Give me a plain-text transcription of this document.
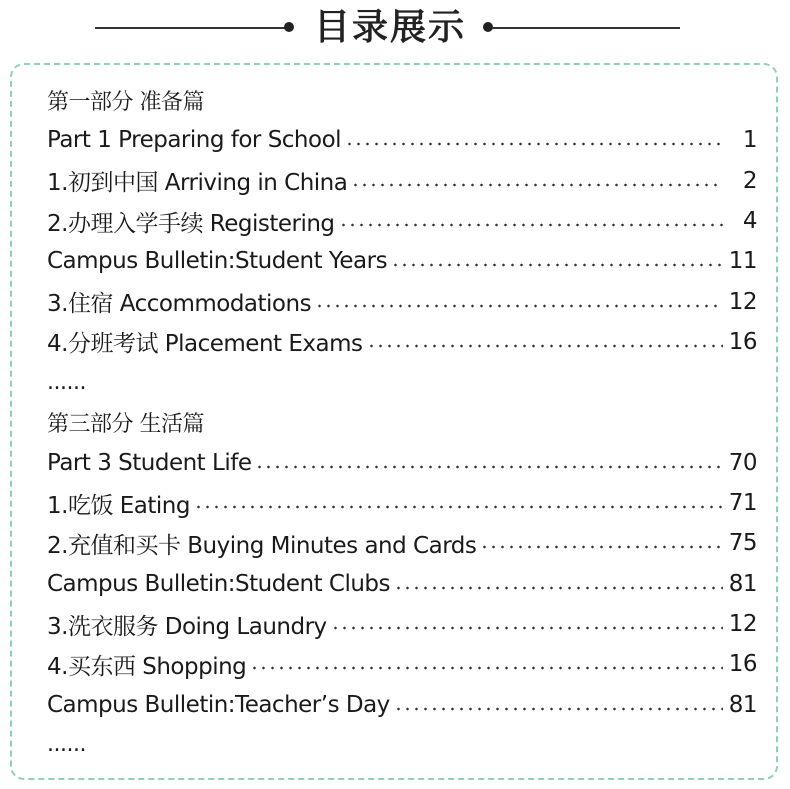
目录展示
第一部分 准备篇
Part 1 Preparing for School	1
1.初到中国 Arriving in China	2
2.办理入学手续 Registering	4
Campus Bulletin:Student Years	11
3.住宿 Accommodations	12
4.分班考试 Placement Exams	16
......
第三部分 生活篇
Part 3 Student Life	70
1.吃饭 Eating	71
2.充值和买卡 Buying Minutes and Cards	75
Campus Bulletin:Student Clubs	81
3.洗衣服务 Doing Laundry	12
4.买东西 Shopping	16
Campus Bulletin:Teacher’s Day	81
......
